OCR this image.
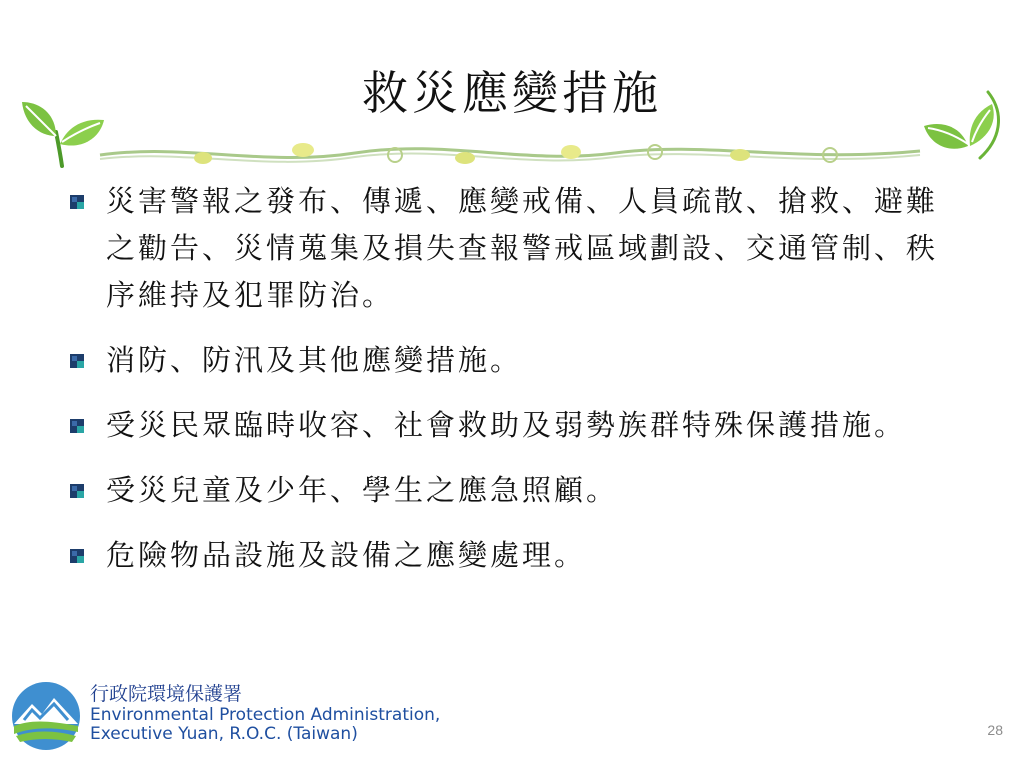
救災應變措施
災害警報之發布、傳遞、應變戒備、人員疏散、搶救、避難之勸告、災情蒐集及損失查報警戒區域劃設、交通管制、秩序維持及犯罪防治。
消防、防汛及其他應變措施。
受災民眾臨時收容、社會救助及弱勢族群特殊保護措施。
受災兒童及少年、學生之應急照顧。
危險物品設施及設備之應變處理。
行政院環境保護署
Environmental Protection Administration,
Executive Yuan, R.O.C. (Taiwan)	28
